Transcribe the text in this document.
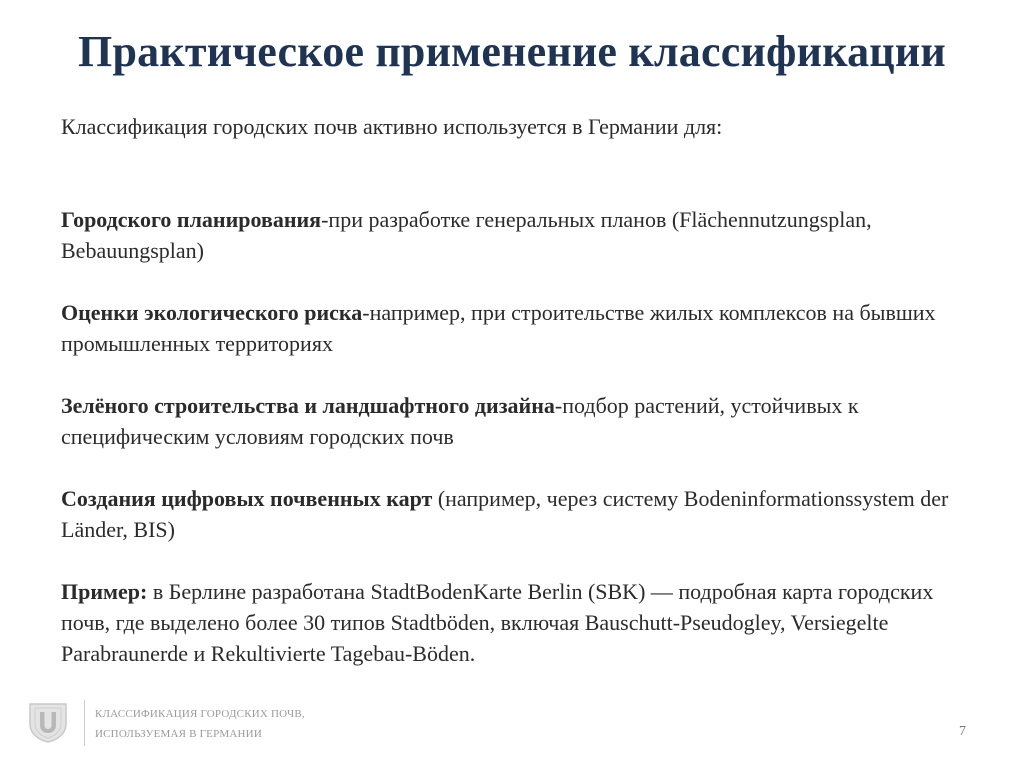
Практическое применение классификации

Классификация городских почв активно используется в Германии для:

Городского планирования-при разработке генеральных планов (Flächennutzungsplan, Bebauungsplan)

Оценки экологического риска-например, при строительстве жилых комплексов на бывших промышленных территориях

Зелёного строительства и ландшафтного дизайна-подбор растений, устойчивых к специфическим условиям городских почв

Создания цифровых почвенных карт (например, через систему Bodeninformationssystem der Länder, BIS)

Пример: в Берлине разработана StadtBodenKarte Berlin (SBK) — подробная карта городских почв, где выделено более 30 типов Stadtböden, включая Bauschutt-Pseudogley, Versiegelte Parabraunerde и Rekultivierte Tagebau-Böden.

КЛАССИФИКАЦИЯ ГОРОДСКИХ ПОЧВ,
ИСПОЛЬЗУЕМАЯ В ГЕРМАНИИ	7
